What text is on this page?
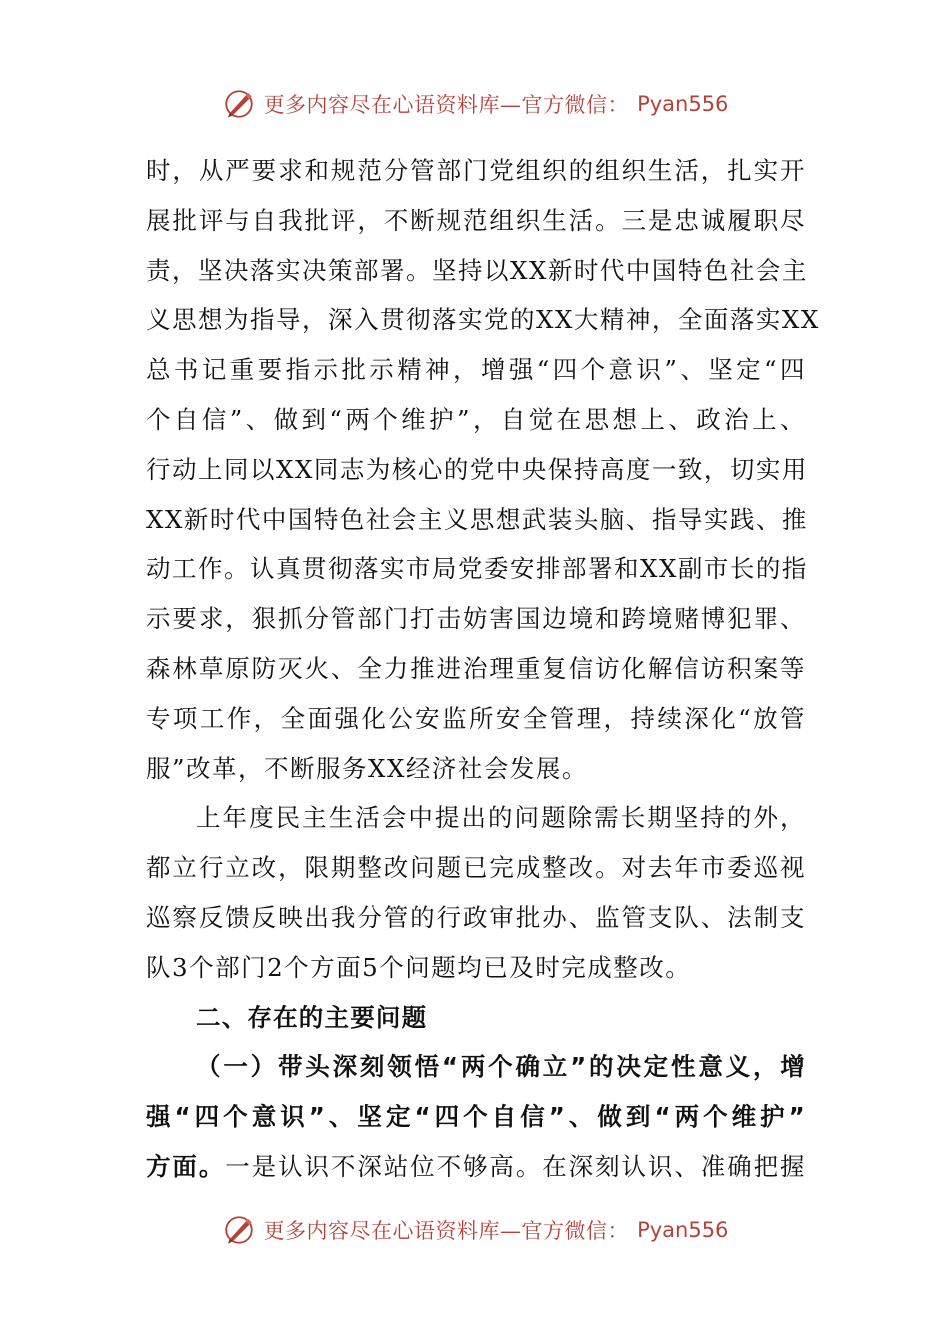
更多内容尽在心语资料库—官方微信： Pyan556
时，从严要求和规范分管部门党组织的组织生活，扎实开
展批评与自我批评，不断规范组织生活。三是忠诚履职尽
责，坚决落实决策部署。坚持以XX新时代中国特色社会主
义思想为指导，深入贯彻落实党的XX大精神，全面落实XX
总书记重要指示批示精神，增强“四个意识”、坚定“四
个自信”、做到“两个维护”，自觉在思想上、政治上、
行动上同以XX同志为核心的党中央保持高度一致，切实用
XX新时代中国特色社会主义思想武装头脑、指导实践、推
动工作。认真贯彻落实市局党委安排部署和XX副市长的指
示要求，狠抓分管部门打击妨害国边境和跨境赌博犯罪、
森林草原防灭火、全力推进治理重复信访化解信访积案等
专项工作，全面强化公安监所安全管理，持续深化“放管
服”改革，不断服务XX经济社会发展。
上年度民主生活会中提出的问题除需长期坚持的外，
都立行立改，限期整改问题已完成整改。对去年市委巡视
巡察反馈反映出我分管的行政审批办、监管支队、法制支
队3个部门2个方面5个问题均已及时完成整改。
二、存在的主要问题
（一）带头深刻领悟“两个确立”的决定性意义，增
强“四个意识”、坚定“四个自信”、做到“两个维护”
方面。一是认识不深站位不够高。在深刻认识、准确把握
更多内容尽在心语资料库—官方微信： Pyan556
